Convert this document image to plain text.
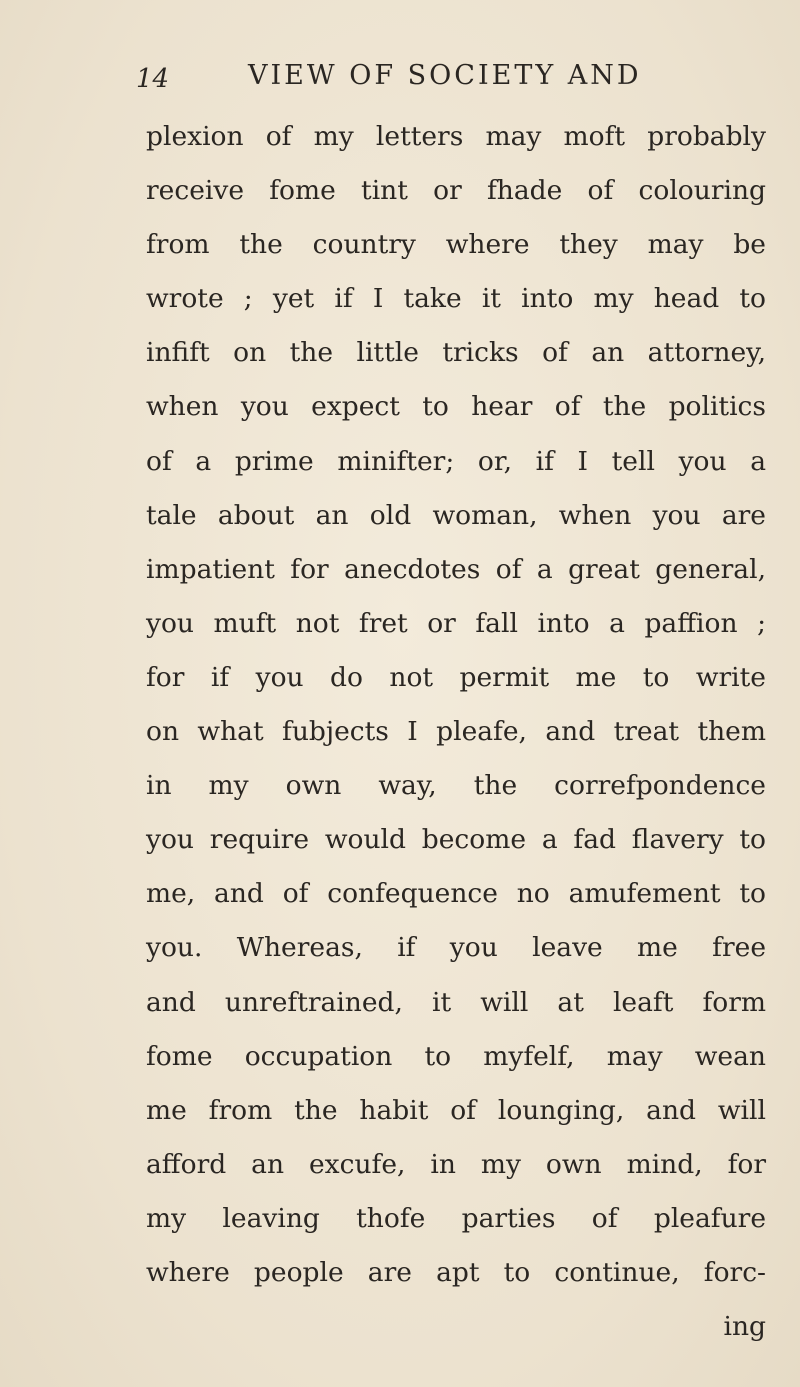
14	VIEW OF SOCIETY AND
plexion of my letters may moft probably
receive fome tint or fhade of colouring
from the country where they may be
wrote ; yet if I take it into my head to
infift on the little tricks of an attorney,
when you expect to hear of the politics
of a prime minifter; or, if I tell you a
tale about an old woman, when you are
impatient for anecdotes of a great general,
you muft not fret or fall into a paffion ;
for if you do not permit me to write
on what fubjects I pleafe, and treat them
in my own way, the correfpondence
you require would become a fad flavery to
me, and of confequence no amufement to
you. Whereas, if you leave me free
and unreftrained, it will at leaft form
fome occupation to myfelf, may wean
me from the habit of lounging, and will
afford an excufe, in my own mind, for
my leaving thofe parties of pleafure
where people are apt to continue, forc-
ing
